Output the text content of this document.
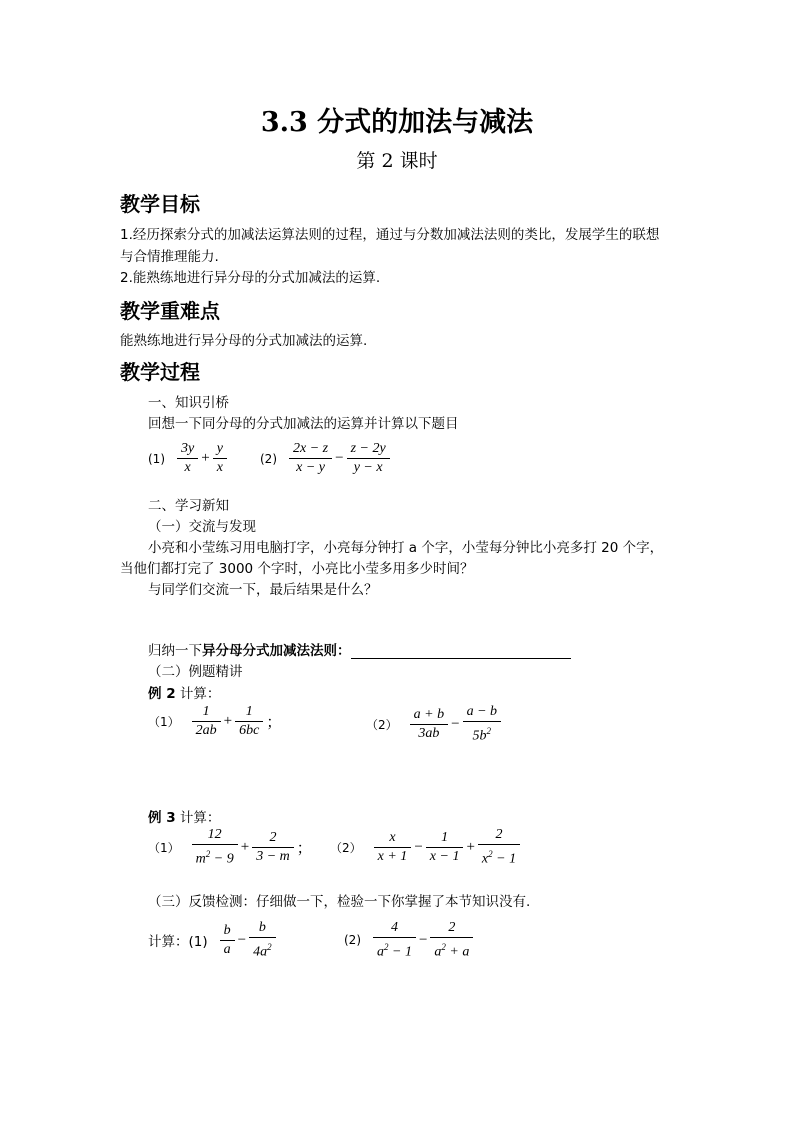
3.3 分式的加法与减法
第 2 课时
教学目标
1.经历探索分式的加减法运算法则的过程，通过与分数加减法法则的类比，发展学生的联想
与合情推理能力.
2.能熟练地进行异分母的分式加减法的运算.
教学重难点
能熟练地进行异分母的分式加减法的运算.
教学过程
一、知识引桥
回想一下同分母的分式加减法的运算并计算以下题目
$(1) \frac{3y}{x} + \frac{y}{x}$	$(2) \frac{2x - z}{x - y} - \frac{z - 2y}{y - x}$
二、学习新知
（一）交流与发现
小亮和小莹练习用电脑打字，小亮每分钟打 a 个字，小莹每分钟比小亮多打 20 个字，
当他们都打完了 3000 个字时，小亮比小莹多用多少时间？
与同学们交流一下，最后结果是什么？
归纳一下异分母分式加减法法则：
（二）例题精讲
例 2 计算：
$(1) \frac{1}{2ab} + \frac{1}{6bc}$ ；	$(2) \frac{a + b}{3ab} - \frac{a - b}{5b^2}$
例 3 计算：
$(1) \frac{12}{m^2 - 9} + \frac{2}{3 - m}$ ； $(2) \frac{x}{x + 1} - \frac{1}{x - 1} + \frac{2}{x^2 - 1}$
（三）反馈检测：仔细做一下，检验一下你掌握了本节知识没有.
计算：$(1) \frac{b}{a} - \frac{b}{4a^2}$	$(2) \frac{4}{a^2 - 1} - \frac{2}{a^2 + a}$
